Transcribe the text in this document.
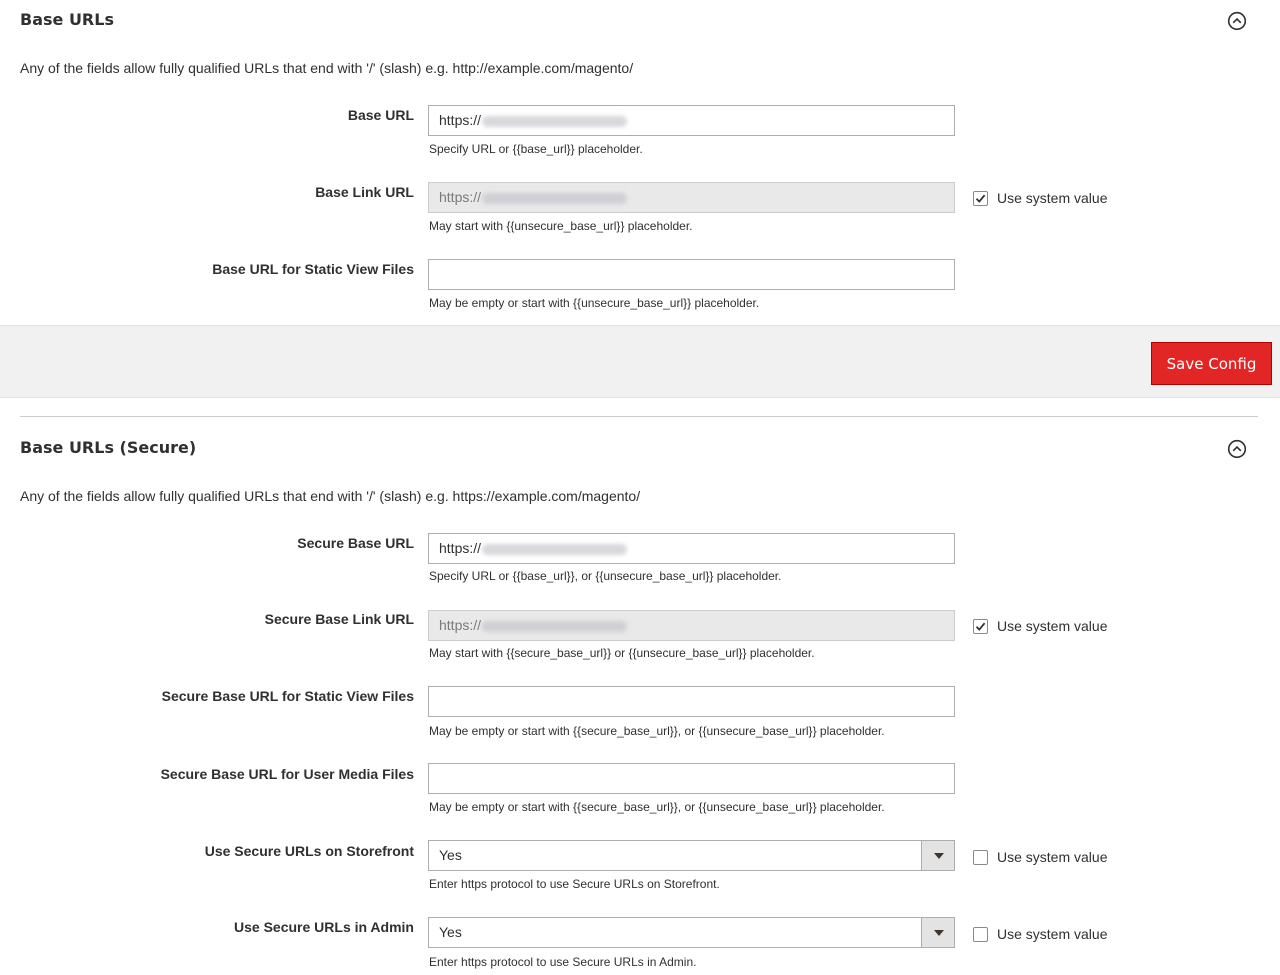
Base URLs
Any of the fields allow fully qualified URLs that end with '/' (slash) e.g. http://example.com/magento/
Base URL	https://
Specify URL or {{base_url}} placeholder.
Base Link URL	https://	Use system value
May start with {{unsecure_base_url}} placeholder.
Base URL for Static View Files
May be empty or start with {{unsecure_base_url}} placeholder.
Save Config
Base URLs (Secure)
Any of the fields allow fully qualified URLs that end with '/' (slash) e.g. https://example.com/magento/
Secure Base URL	https://
Specify URL or {{base_url}}, or {{unsecure_base_url}} placeholder.
Secure Base Link URL	https://	Use system value
May start with {{secure_base_url}} or {{unsecure_base_url}} placeholder.
Secure Base URL for Static View Files
May be empty or start with {{secure_base_url}}, or {{unsecure_base_url}} placeholder.
Secure Base URL for User Media Files
May be empty or start with {{secure_base_url}}, or {{unsecure_base_url}} placeholder.
Use Secure URLs on Storefront	Yes	Use system value
Enter https protocol to use Secure URLs on Storefront.
Use Secure URLs in Admin	Yes	Use system value
Enter https protocol to use Secure URLs in Admin.
